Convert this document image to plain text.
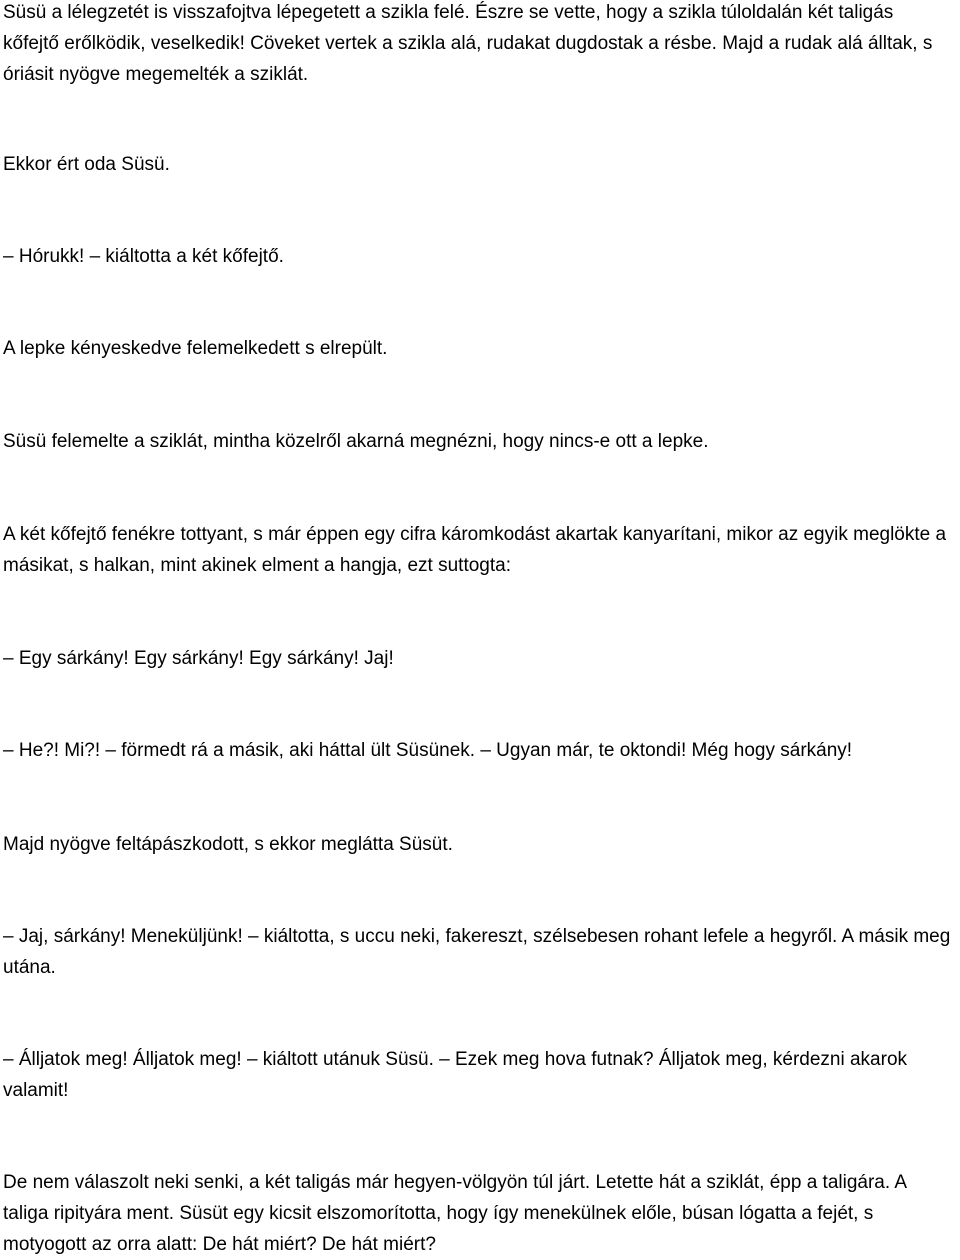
Süsü a lélegzetét is visszafojtva lépegetett a szikla felé. Észre se vette, hogy a szikla túloldalán két taligás kőfejtő erőlködik, veselkedik! Cöveket vertek a szikla alá, rudakat dugdostak a résbe. Majd a rudak alá álltak, s óriásit nyögve megemelték a sziklát.

Ekkor ért oda Süsü.

– Hórukk! – kiáltotta a két kőfejtő.

A lepke kényeskedve felemelkedett s elrepült.

Süsü felemelte a sziklát, mintha közelről akarná megnézni, hogy nincs-e ott a lepke.

A két kőfejtő fenékre tottyant, s már éppen egy cifra káromkodást akartak kanyarítani, mikor az egyik meglökte a másikat, s halkan, mint akinek elment a hangja, ezt suttogta:

– Egy sárkány! Egy sárkány! Egy sárkány! Jaj!

– He?! Mi?! – förmedt rá a másik, aki háttal ült Süsünek. – Ugyan már, te oktondi! Még hogy sárkány!

Majd nyögve feltápászkodott, s ekkor meglátta Süsüt.

– Jaj, sárkány! Meneküljünk! – kiáltotta, s uccu neki, fakereszt, szélsebesen rohant lefele a hegyről. A másik meg utána.

– Álljatok meg! Álljatok meg! – kiáltott utánuk Süsü. – Ezek meg hova futnak? Álljatok meg, kérdezni akarok valamit!

De nem válaszolt neki senki, a két taligás már hegyen-völgyön túl járt. Letette hát a sziklát, épp a taligára. A taliga ripityára ment. Süsüt egy kicsit elszomorította, hogy így menekülnek előle, búsan lógatta a fejét, s motyogott az orra alatt: De hát miért? De hát miért?
